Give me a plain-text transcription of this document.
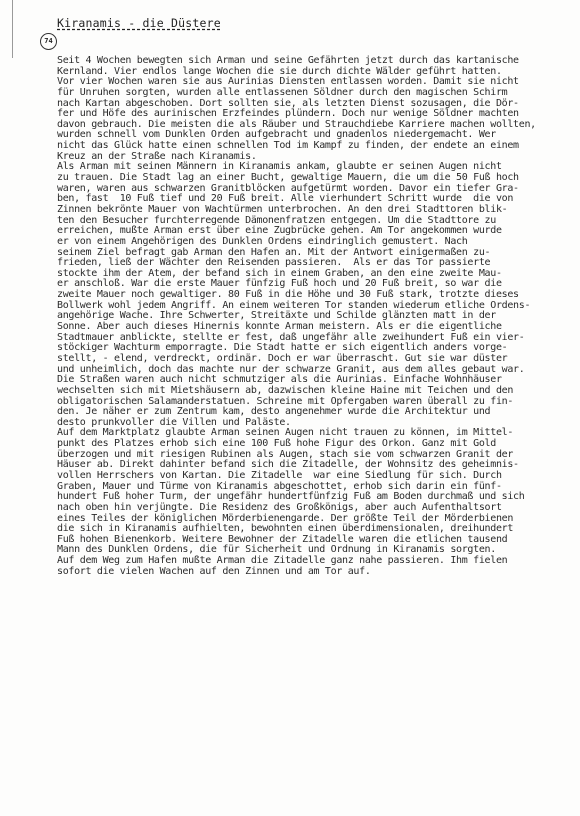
Kiranamis - die Düstere
74
Seit 4 Wochen bewegten sich Arman und seine Gefährten jetzt durch das kartanische
Kernland. Vier endlos lange Wochen die sie durch dichte Wälder geführt hatten.
Vor vier Wochen waren sie aus Aurinias Diensten entlassen worden. Damit sie nicht
für Unruhen sorgten, wurden alle entlassenen Söldner durch den magischen Schirm
nach Kartan abgeschoben. Dort sollten sie, als letzten Dienst sozusagen, die Dör-
fer und Höfe des aurinischen Erzfeindes plündern. Doch nur wenige Söldner machten
davon gebrauch. Die meisten die als Räuber und Strauchdiebe Karriere machen wollten,
wurden schnell vom Dunklen Orden aufgebracht und gnadenlos niedergemacht. Wer
nicht das Glück hatte einen schnellen Tod im Kampf zu finden, der endete an einem
Kreuz an der Straße nach Kiranamis.
Als Arman mit seinen Männern in Kiranamis ankam, glaubte er seinen Augen nicht
zu trauen. Die Stadt lag an einer Bucht, gewaltige Mauern, die um die 50 Fuß hoch
waren, waren aus schwarzen Granitblöcken aufgetürmt worden. Davor ein tiefer Gra-
ben, fast  10 Fuß tief und 20 Fuß breit. Alle vierhundert Schritt wurde  die von
Zinnen bekrönte Mauer von Wachtürmen unterbrochen. An den drei Stadttoren blik-
ten den Besucher furchterregende Dämonenfratzen entgegen. Um die Stadttore zu
erreichen, mußte Arman erst über eine Zugbrücke gehen. Am Tor angekommen wurde
er von einem Angehörigen des Dunklen Ordens eindringlich gemustert. Nach
seinem Ziel befragt gab Arman den Hafen an. Mit der Antwort einigermaßen zu-
frieden, ließ der Wächter den Reisenden passieren.  Als er das Tor passierte
stockte ihm der Atem, der befand sich in einem Graben, an den eine zweite Mau-
er anschloß. War die erste Mauer fünfzig Fuß hoch und 20 Fuß breit, so war die
zweite Mauer noch gewaltiger. 80 Fuß in die Höhe und 30 Fuß stark, trotzte dieses
Bollwerk wohl jedem Angriff. An einem weiteren Tor standen wiederum etliche Ordens-
angehörige Wache. Ihre Schwerter, Streitäxte und Schilde glänzten matt in der
Sonne. Aber auch dieses Hinernis konnte Arman meistern. Als er die eigentliche
Stadtmauer anblickte, stellte er fest, daß ungefähr alle zweihundert Fuß ein vier-
stöckiger Wachturm emporragte. Die Stadt hatte er sich eigentlich anders vorge-
stellt, - elend, verdreckt, ordinär. Doch er war überrascht. Gut sie war düster
und unheimlich, doch das machte nur der schwarze Granit, aus dem alles gebaut war.
Die Straßen waren auch nicht schmutziger als die Aurinias. Einfache Wohnhäuser
wechselten sich mit Mietshäusern ab, dazwischen kleine Haine mit Teichen und den
obligatorischen Salamanderstatuen. Schreine mit Opfergaben waren überall zu fin-
den. Je näher er zum Zentrum kam, desto angenehmer wurde die Architektur und
desto prunkvoller die Villen und Paläste.
Auf dem Marktplatz glaubte Arman seinen Augen nicht trauen zu können, im Mittel-
punkt des Platzes erhob sich eine 100 Fuß hohe Figur des Orkon. Ganz mit Gold
überzogen und mit riesigen Rubinen als Augen, stach sie vom schwarzen Granit der
Häuser ab. Direkt dahinter befand sich die Zitadelle, der Wohnsitz des geheimnis-
vollen Herrschers von Kartan. Die Zitadelle  war eine Siedlung für sich. Durch
Graben, Mauer und Türme von Kiranamis abgeschottet, erhob sich darin ein fünf-
hundert Fuß hoher Turm, der ungefähr hundertfünfzig Fuß am Boden durchmaß und sich
nach oben hin verjüngte. Die Residenz des Großkönigs, aber auch Aufenthaltsort
eines Teiles der königlichen Mörderbienengarde. Der größte Teil der Mörderbienen
die sich in Kiranamis aufhielten, bewohnten einen überdimensionalen, dreihundert
Fuß hohen Bienenkorb. Weitere Bewohner der Zitadelle waren die etlichen tausend
Mann des Dunklen Ordens, die für Sicherheit und Ordnung in Kiranamis sorgten.
Auf dem Weg zum Hafen mußte Arman die Zitadelle ganz nahe passieren. Ihm fielen
sofort die vielen Wachen auf den Zinnen und am Tor auf.
